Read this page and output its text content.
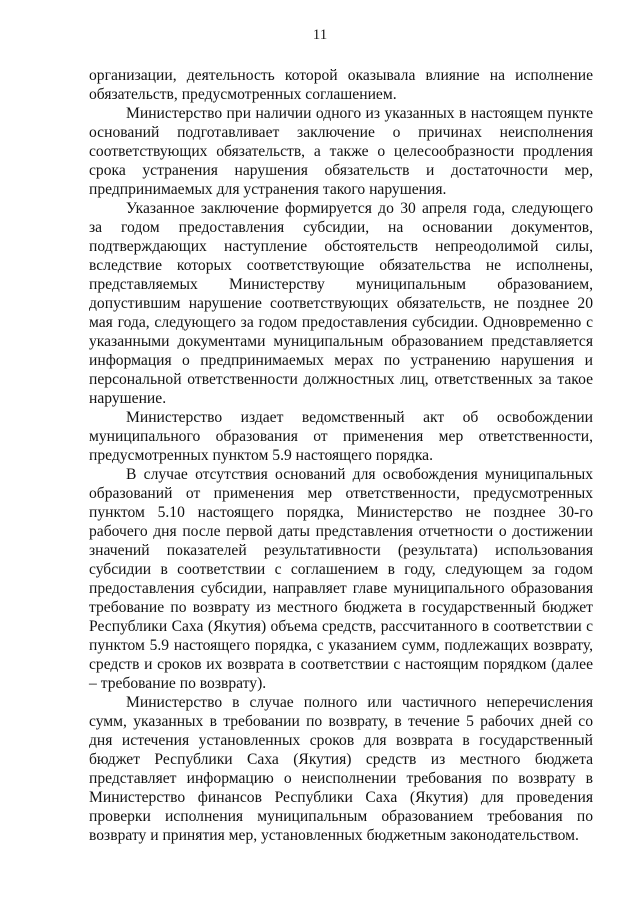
11

организации, деятельность которой оказывала влияние на исполнение обязательств, предусмотренных соглашением.

Министерство при наличии одного из указанных в настоящем пункте оснований подготавливает заключение о причинах неисполнения соответствующих обязательств, а также о целесообразности продления срока устранения нарушения обязательств и достаточности мер, предпринимаемых для устранения такого нарушения.

Указанное заключение формируется до 30 апреля года, следующего за годом предоставления субсидии, на основании документов, подтверждающих наступление обстоятельств непреодолимой силы, вследствие которых соответствующие обязательства не исполнены, представляемых Министерству муниципальным образованием, допустившим нарушение соответствующих обязательств, не позднее 20 мая года, следующего за годом предоставления субсидии. Одновременно с указанными документами муниципальным образованием представляется информация о предпринимаемых мерах по устранению нарушения и персональной ответственности должностных лиц, ответственных за такое нарушение.

Министерство издает ведомственный акт об освобождении муниципального образования от применения мер ответственности, предусмотренных пунктом 5.9 настоящего порядка.

В случае отсутствия оснований для освобождения муниципальных образований от применения мер ответственности, предусмотренных пунктом 5.10 настоящего порядка, Министерство не позднее 30-го рабочего дня после первой даты представления отчетности о достижении значений показателей результативности (результата) использования субсидии в соответствии с соглашением в году, следующем за годом предоставления субсидии, направляет главе муниципального образования требование по возврату из местного бюджета в государственный бюджет Республики Саха (Якутия) объема средств, рассчитанного в соответствии с пунктом 5.9 настоящего порядка, с указанием сумм, подлежащих возврату, средств и сроков их возврата в соответствии с настоящим порядком (далее – требование по возврату).

Министерство в случае полного или частичного неперечисления сумм, указанных в требовании по возврату, в течение 5 рабочих дней со дня истечения установленных сроков для возврата в государственный бюджет Республики Саха (Якутия) средств из местного бюджета представляет информацию о неисполнении требования по возврату в Министерство финансов Республики Саха (Якутия) для проведения проверки исполнения муниципальным образованием требования по возврату и принятия мер, установленных бюджетным законодательством.
